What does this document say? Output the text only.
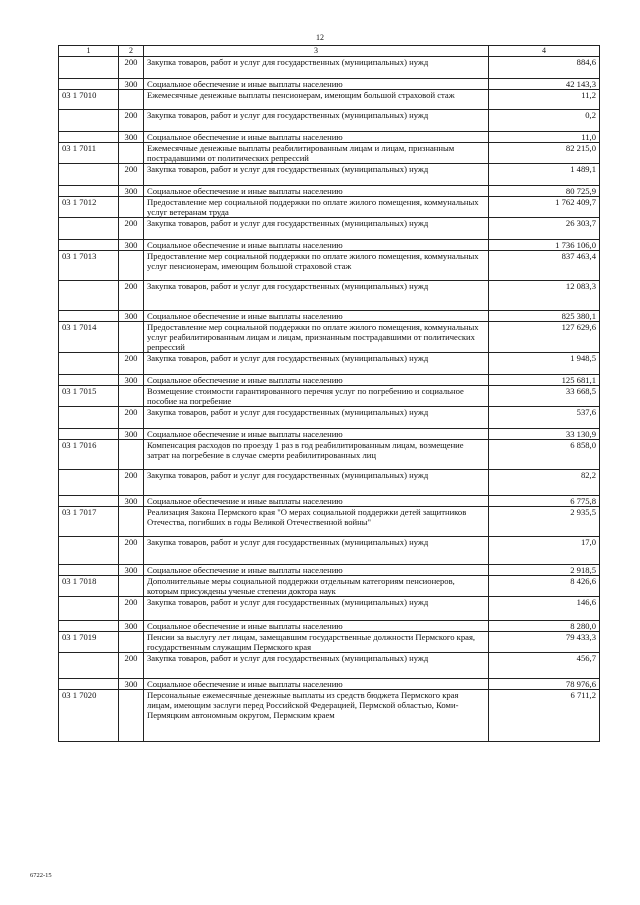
12
1	2	3	4
	200	Закупка товаров, работ и услуг для государственных (муниципальных) нужд	884,6
	300	Социальное обеспечение и иные выплаты населению	42 143,3
03 1 7010		Ежемесячные денежные выплаты пенсионерам, имеющим большой страховой стаж	11,2
	200	Закупка товаров, работ и услуг для государственных (муниципальных) нужд	0,2
	300	Социальное обеспечение и иные выплаты населению	11,0
03 1 7011		Ежемесячные денежные выплаты реабилитированным лицам и лицам, признанным пострадавшими от политических репрессий	82 215,0
	200	Закупка товаров, работ и услуг для государственных (муниципальных) нужд	1 489,1
	300	Социальное обеспечение и иные выплаты населению	80 725,9
03 1 7012		Предоставление мер социальной поддержки по оплате жилого помещения, коммунальных услуг ветеранам труда	1 762 409,7
	200	Закупка товаров, работ и услуг для государственных (муниципальных) нужд	26 303,7
	300	Социальное обеспечение и иные выплаты населению	1 736 106,0
03 1 7013		Предоставление мер социальной поддержки по оплате жилого помещения, коммунальных услуг пенсионерам, имеющим большой страховой стаж	837 463,4
	200	Закупка товаров, работ и услуг для государственных (муниципальных) нужд	12 083,3
	300	Социальное обеспечение и иные выплаты населению	825 380,1
03 1 7014		Предоставление мер социальной поддержки по оплате жилого помещения, коммунальных услуг реабилитированным лицам и лицам, признанным пострадавшими от политических репрессий	127 629,6
	200	Закупка товаров, работ и услуг для государственных (муниципальных) нужд	1 948,5
	300	Социальное обеспечение и иные выплаты населению	125 681,1
03 1 7015		Возмещение стоимости гарантированного перечня услуг по погребению и социальное пособие на погребение	33 668,5
	200	Закупка товаров, работ и услуг для государственных (муниципальных) нужд	537,6
	300	Социальное обеспечение и иные выплаты населению	33 130,9
03 1 7016		Компенсация расходов по проезду 1 раз в год реабилитированным лицам, возмещение затрат на погребение в случае смерти реабилитированных лиц	6 858,0
	200	Закупка товаров, работ и услуг для государственных (муниципальных) нужд	82,2
	300	Социальное обеспечение и иные выплаты населению	6 775,8
03 1 7017		Реализация Закона Пермского края "О мерах социальной поддержки детей защитников Отечества, погибших в годы Великой Отечественной войны"	2 935,5
	200	Закупка товаров, работ и услуг для государственных (муниципальных) нужд	17,0
	300	Социальное обеспечение и иные выплаты населению	2 918,5
03 1 7018		Дополнительные меры социальной поддержки отдельным категориям пенсионеров, которым присуждены ученые степени доктора наук	8 426,6
	200	Закупка товаров, работ и услуг для государственных (муниципальных) нужд	146,6
	300	Социальное обеспечение и иные выплаты населению	8 280,0
03 1 7019		Пенсии за выслугу лет лицам, замещавшим государственные должности Пермского края, государственным служащим Пермского края	79 433,3
	200	Закупка товаров, работ и услуг для государственных (муниципальных) нужд	456,7
	300	Социальное обеспечение и иные выплаты населению	78 976,6
03 1 7020		Персональные ежемесячные денежные выплаты из средств бюджета Пермского края лицам, имеющим заслуги перед Российской Федерацией, Пермской областью, Коми-Пермяцким автономным округом, Пермским краем	6 711,2
6722-15
